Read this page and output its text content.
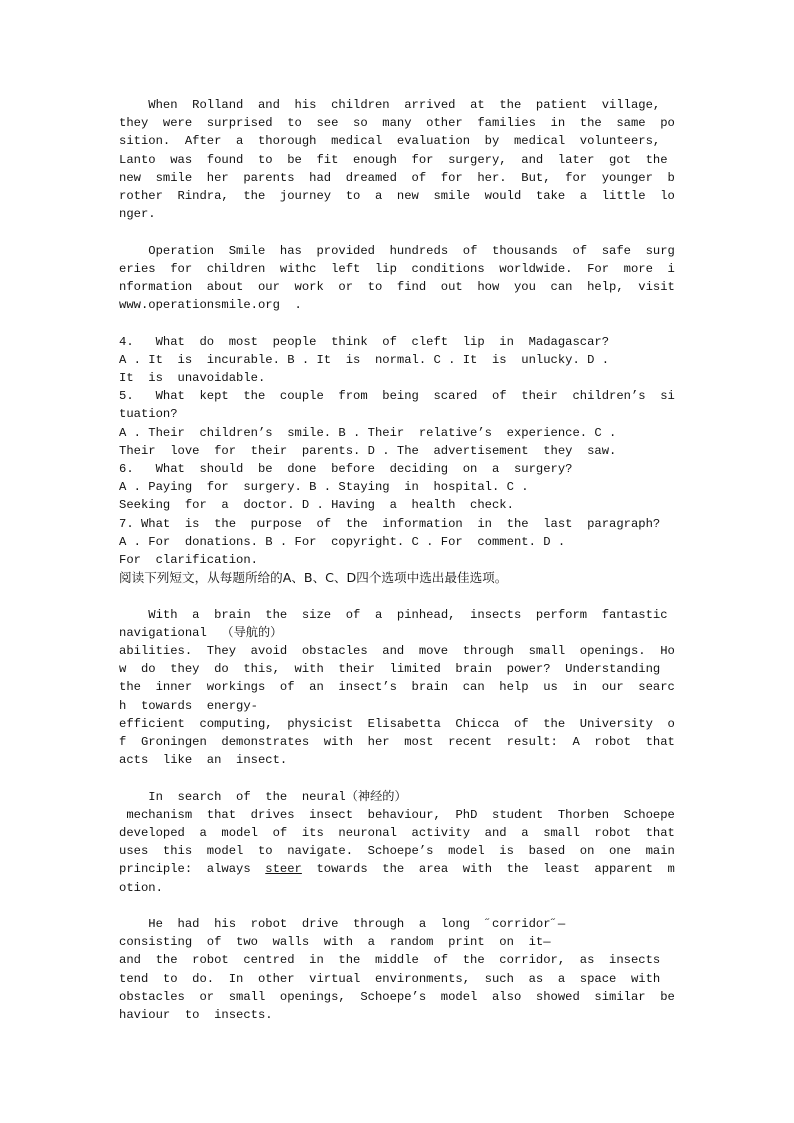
When  Rolland  and  his  children  arrived  at  the  patient  village,  they  were  surprised  to  see  so  many  other  families  in  the  same  position.  After  a  thorough  medical  evaluation  by  medical  volunteers,  Lanto  was  found  to  be  fit  enough  for  surgery,  and  later  got  the  new  smile  her  parents  had  dreamed  of  for  her.  But,  for  younger  brother  Rindra,  the  journey  to  a  new  smile  would  take  a  little  longer.

Operation  Smile  has  provided  hundreds  of  thousands  of  safe  surgeries  for  children  withc  left  lip  conditions  worldwide.  For  more  information  about  our  work  or  to  find  out  how  you  can  help,  visitwww.operationsmile.org  .

4.   What  do  most  people  think  of  cleft  lip  in  Madagascar?

A . It  is  incurable. B . It  is  normal. C . It  is  unlucky. D .

It  is  unavoidable.

5.   What  kept  the  couple  from  being  scared  of  their  children’s  situation?

A . Their  children’s  smile. B . Their  relative’s  experience. C .

Their  love  for  their  parents. D . The  advertisement  they  saw.

6.   What  should  be  done  before  deciding  on  a  surgery?

A . Paying  for  surgery. B . Staying  in  hospital. C .

Seeking  for  a  doctor. D . Having  a  health  check.

7. What  is  the  purpose  of  the  information  in  the  last  paragraph?

A . For  donations. B . For  copyright. C . For  comment. D .

For  clarification.

阅读下列短文，从每题所给的A、B、C、D四个选项中选出最佳选项。

With  a  brain  the  size  of  a  pinhead,  insects  perform  fantastic  navigational  （导航的）

abilities.  They  avoid  obstacles  and  move  through  small  openings.  How  do  they  do  this,  with  their  limited  brain  power?  Understanding  the  inner  workings  of  an  insect’s  brain  can  help  us  in  our  search  towards  energy-

efficient  computing,  physicist  Elisabetta  Chicca  of  the  University  of  Groningen  demonstrates  with  her  most  recent  result:  A  robot  that  acts  like  an  insect.

In  search  of  the  neural（神经的）

mechanism  that  drives  insect  behaviour,  PhD  student  Thorben  Schoepe  developed  a  model  of  its  neuronal  activity  and  a  small  robot  that  uses  this  model  to  navigate.  Schoepe’s  model  is  based  on  one  main  principle:  always  steer  towards  the  area  with  the  least  apparent  motion.

He  had  his  robot  drive  through  a  long  ˝corridor˝—

consisting  of  two  walls  with  a  random  print  on  it—

and  the  robot  centred  in  the  middle  of  the  corridor,  as  insects  tend  to  do.  In  other  virtual  environments,  such  as  a  space  with  obstacles  or  small  openings,  Schoepe’s  model  also  showed  similar  behaviour  to  insects.
